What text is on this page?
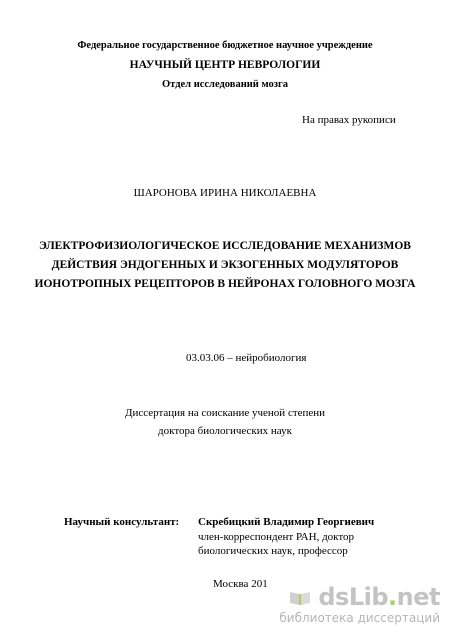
Федеральное государственное бюджетное научное учреждение
НАУЧНЫЙ ЦЕНТР НЕВРОЛОГИИ
Отдел исследований мозга
На правах рукописи
ШАРОНОВА ИРИНА НИКОЛАЕВНА
ЭЛЕКТРОФИЗИОЛОГИЧЕСКОЕ ИССЛЕДОВАНИЕ МЕХАНИЗМОВ
ДЕЙСТВИЯ ЭНДОГЕННЫХ И ЭКЗОГЕННЫХ МОДУЛЯТОРОВ
ИОНОТРОПНЫХ РЕЦЕПТОРОВ В НЕЙРОНАХ ГОЛОВНОГО МОЗГА
03.03.06 – нейробиология
Диссертация на соискание ученой степени
доктора биологических наук
Научный консультант: Скребицкий Владимир Георгиевич
член-корреспондент РАН, доктор
биологических наук, профессор
Москва 201 dsLib.net
библиотека диссертаций
